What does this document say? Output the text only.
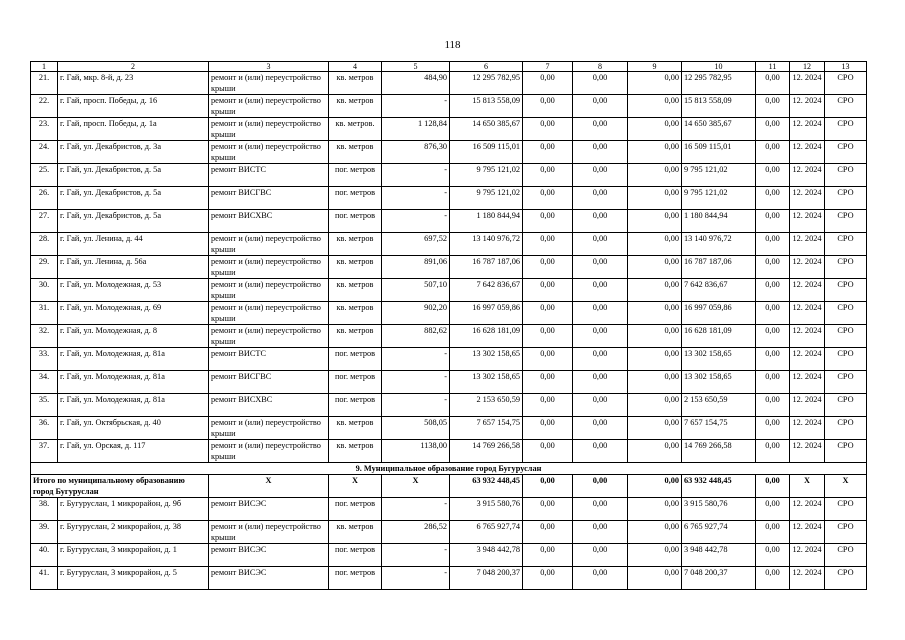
118
1	2	3	4	5	6	7	8	9	10	11	12	13
21.	г. Гай, мкр. 8-й, д. 23	ремонт и (или) переустройство крыши	кв. метров	484,90	12 295 782,95	0,00	0,00	0,00	12 295 782,95	0,00	12. 2024	СРО
22.	г. Гай, просп. Победы, д. 16	ремонт и (или) переустройство крыши	кв. метров	-	15 813 558,09	0,00	0,00	0,00	15 813 558,09	0,00	12. 2024	СРО
23.	г. Гай, просп. Победы, д. 1а	ремонт и (или) переустройство крыши	кв. метров.	1 128,84	14 650 385,67	0,00	0,00	0,00	14 650 385,67	0,00	12. 2024	СРО
24.	г. Гай, ул. Декабристов, д. 3а	ремонт и (или) переустройство крыши	кв. метров	876,30	16 509 115,01	0,00	0,00	0,00	16 509 115,01	0,00	12. 2024	СРО
25.	г. Гай, ул. Декабристов, д. 5а	ремонт ВИСТС	пог. метров	-	9 795 121,02	0,00	0,00	0,00	9 795 121,02	0,00	12. 2024	СРО
26.	г. Гай, ул. Декабристов, д. 5а	ремонт ВИСГВС	пог. метров	-	9 795 121,02	0,00	0,00	0,00	9 795 121,02	0,00	12. 2024	СРО
27.	г. Гай, ул. Декабристов, д. 5а	ремонт ВИСХВС	пог. метров	-	1 180 844,94	0,00	0,00	0,00	1 180 844,94	0,00	12. 2024	СРО
28.	г. Гай, ул. Ленина, д. 44	ремонт и (или) переустройство крыши	кв. метров	697,52	13 140 976,72	0,00	0,00	0,00	13 140 976,72	0,00	12. 2024	СРО
29.	г. Гай, ул. Ленина, д. 56а	ремонт и (или) переустройство крыши	кв. метров	891,06	16 787 187,06	0,00	0,00	0,00	16 787 187,06	0,00	12. 2024	СРО
30.	г. Гай, ул. Молодежная, д. 53	ремонт и (или) переустройство крыши	кв. метров	507,10	7 642 836,67	0,00	0,00	0,00	7 642 836,67	0,00	12. 2024	СРО
31.	г. Гай, ул. Молодежная, д. 69	ремонт и (или) переустройство крыши	кв. метров	902,20	16 997 059,86	0,00	0,00	0,00	16 997 059,86	0,00	12. 2024	СРО
32.	г. Гай, ул. Молодежная, д. 8	ремонт и (или) переустройство крыши	кв. метров	882,62	16 628 181,09	0,00	0,00	0,00	16 628 181,09	0,00	12. 2024	СРО
33.	г. Гай, ул. Молодежная, д. 81а	ремонт ВИСТС	пог. метров	-	13 302 158,65	0,00	0,00	0,00	13 302 158,65	0,00	12. 2024	СРО
34.	г. Гай, ул. Молодежная, д. 81а	ремонт ВИСГВС	пог. метров	-	13 302 158,65	0,00	0,00	0,00	13 302 158,65	0,00	12. 2024	СРО
35.	г. Гай, ул. Молодежная, д. 81а	ремонт ВИСХВС	пог. метров	-	2 153 650,59	0,00	0,00	0,00	2 153 650,59	0,00	12. 2024	СРО
36.	г. Гай, ул. Октябрьская, д. 40	ремонт и (или) переустройство крыши	кв. метров	508,05	7 657 154,75	0,00	0,00	0,00	7 657 154,75	0,00	12. 2024	СРО
37.	г. Гай, ул. Орская, д. 117	ремонт и (или) переустройство крыши	кв. метров	1138,00	14 769 266,58	0,00	0,00	0,00	14 769 266,58	0,00	12. 2024	СРО
9. Муниципальное образование город Бугуруслан												
Итого по муниципальному образованию город Бугуруслан		X	X	X	63 932 448,45	0,00	0,00	0,00	63 932 448,45	0,00	X	X
38.	г. Бугуруслан, 1 микрорайон, д. 9б	ремонт ВИСЭС	пог. метров	-	3 915 580,76	0,00	0,00	0,00	3 915 580,76	0,00	12. 2024	СРО
39.	г. Бугуруслан, 2 микрорайон, д. 38	ремонт и (или) переустройство крыши	кв. метров	286,52	6 765 927,74	0,00	0,00	0,00	6 765 927,74	0,00	12. 2024	СРО
40.	г. Бугуруслан, 3 микрорайон, д. 1	ремонт ВИСЭС	пог. метров	-	3 948 442,78	0,00	0,00	0,00	3 948 442,78	0,00	12. 2024	СРО
41.	г. Бугуруслан, 3 микрорайон, д. 5	ремонт ВИСЭС	пог. метров	-	7 048 200,37	0,00	0,00	0,00	7 048 200,37	0,00	12. 2024	СРО
